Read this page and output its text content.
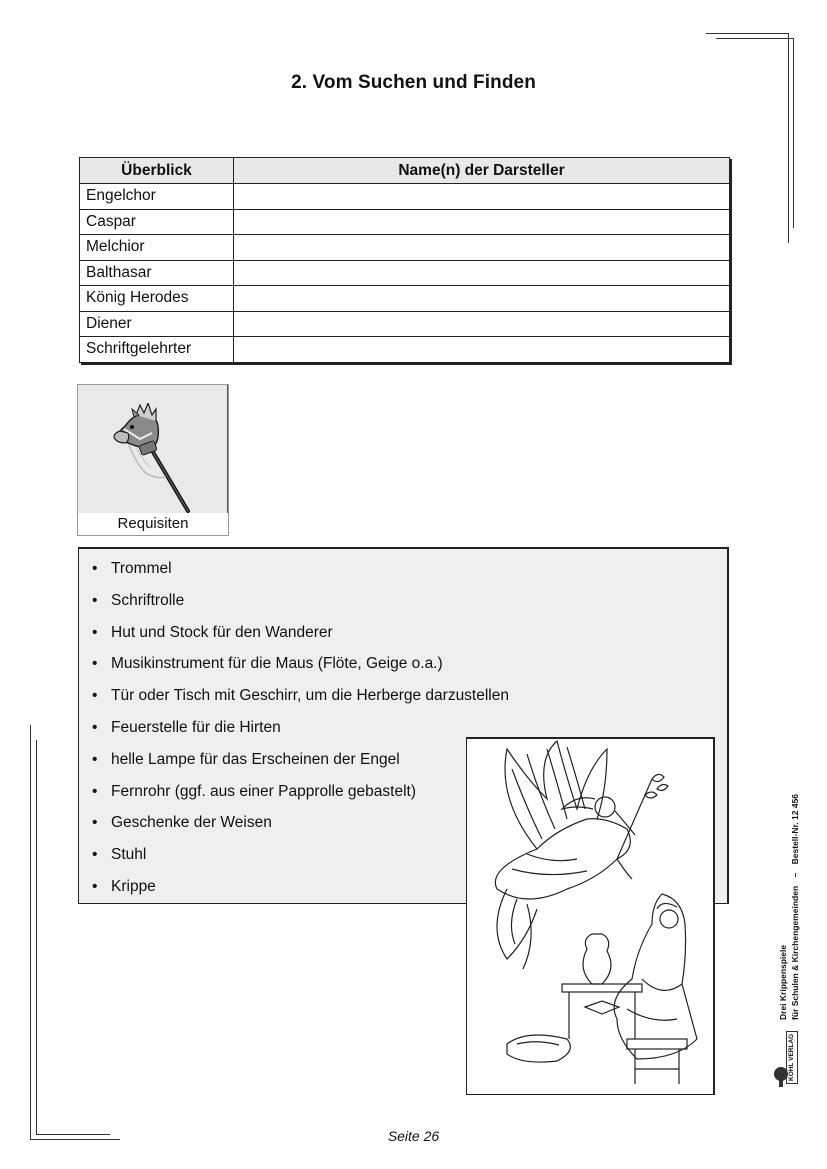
2. Vom Suchen und Finden
Überblick	Name(n) der Darsteller
Engelchor	
Caspar	
Melchior	
Balthasar	
König Herodes	
Diener	
Schriftgelehrter	
Requisiten
• Trommel
• Schriftrolle
• Hut und Stock für den Wanderer
• Musikinstrument für die Maus (Flöte, Geige o.a.)
• Tür oder Tisch mit Geschirr, um die Herberge darzustellen
• Feuerstelle für die Hirten
• helle Lampe für das Erscheinen der Engel
• Fernrohr (ggf. aus einer Papprolle gebastelt)
• Geschenke der Weisen
• Stuhl
• Krippe
Drei Krippenspiele für Schulen & Kirchengemeinden – Bestell-Nr. 12 456
KOHL VERLAG
Seite 26
